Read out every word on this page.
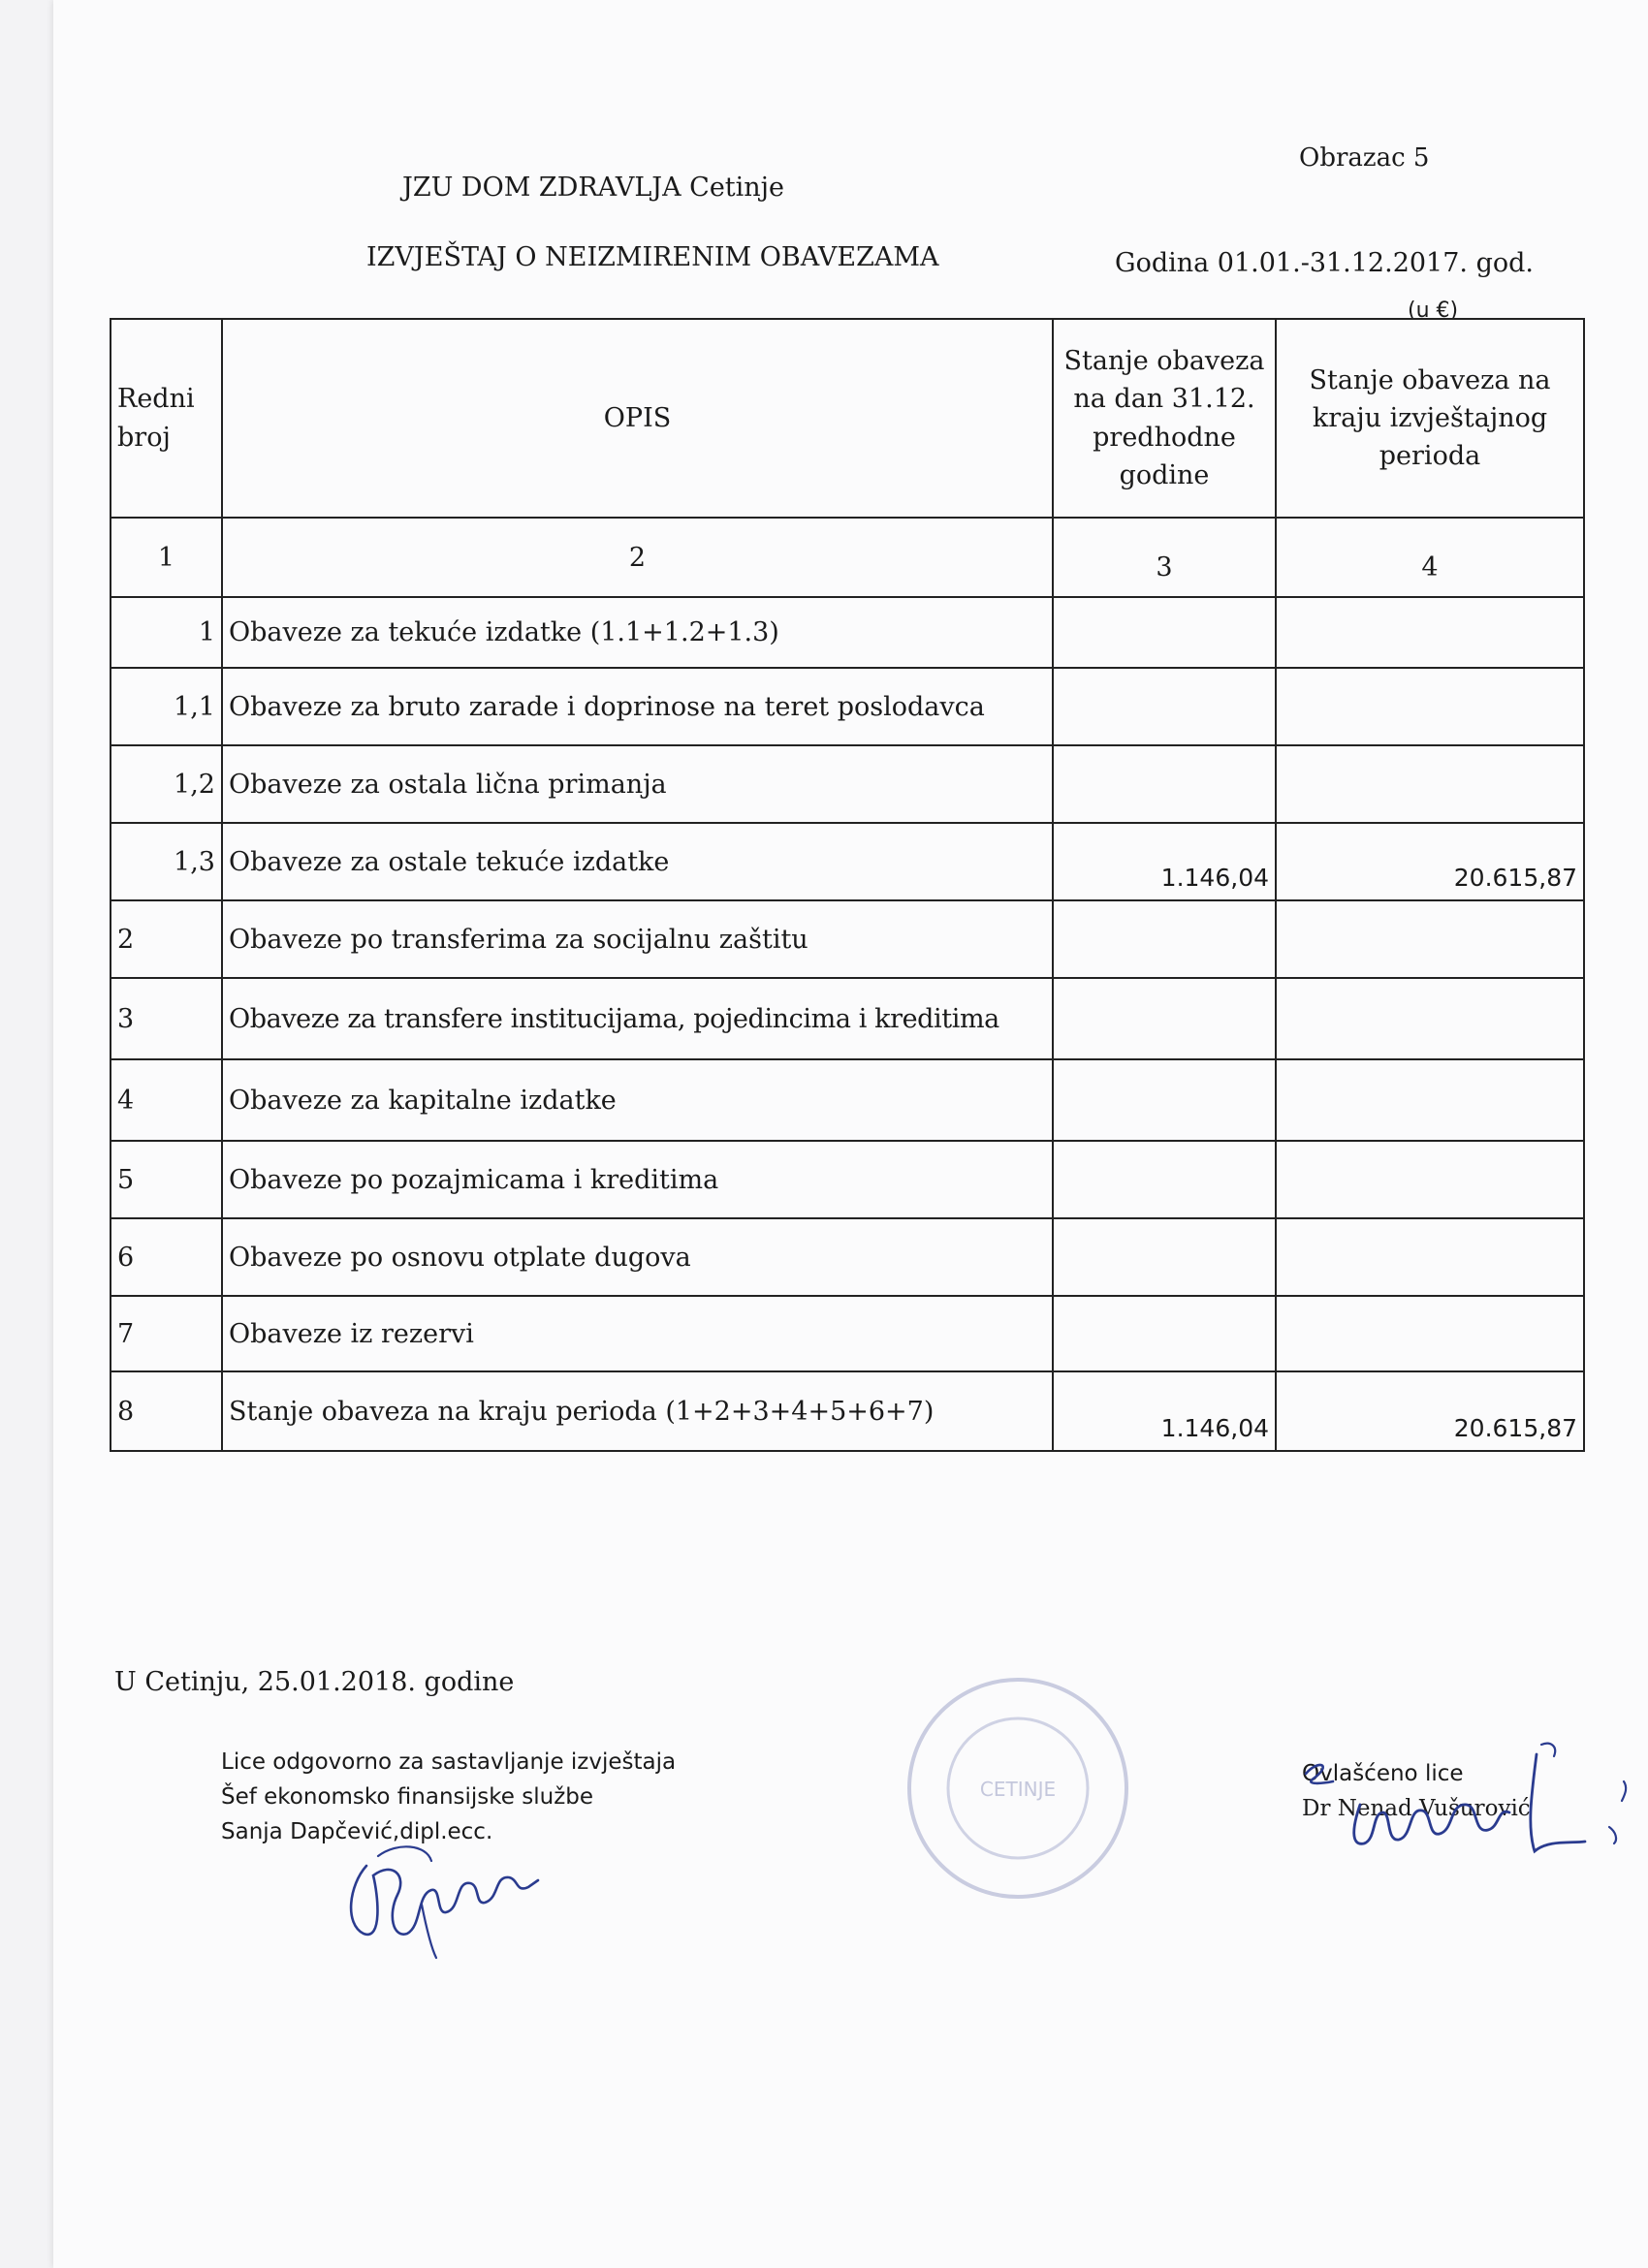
Obrazac 5
JZU DOM ZDRAVLJA Cetinje
IZVJEŠTAJ O NEIZMIRENIM OBAVEZAMA	Godina 01.01.-31.12.2017. god.
(u €)
Redni broj	OPIS	Stanje obaveza na dan 31.12. predhodne godine	Stanje obaveza na kraju izvještajnog perioda
1	2	3	4
1	Obaveze za tekuće izdatke (1.1+1.2+1.3)		
1,1	Obaveze za bruto zarade i doprinose na teret poslodavca		
1,2	Obaveze za ostala lična primanja		
1,3	Obaveze za ostale tekuće izdatke	1.146,04	20.615,87
2	Obaveze po transferima za socijalnu zaštitu		
3	Obaveze za transfere institucijama, pojedincima i kreditima		
4	Obaveze za kapitalne izdatke		
5	Obaveze po pozajmicama i kreditima		
6	Obaveze po osnovu otplate dugova		
7	Obaveze iz rezervi		
8	Stanje obaveza na kraju perioda (1+2+3+4+5+6+7)	1.146,04	20.615,87
U Cetinju, 25.01.2018. godine
Lice odgovorno za sastavljanje izvještaja
Šef ekonomsko finansijske službe
Sanja Dapčević,dipl.ecc.
Ovlašćeno lice
Dr Nenad Vušurović
CETINJE
